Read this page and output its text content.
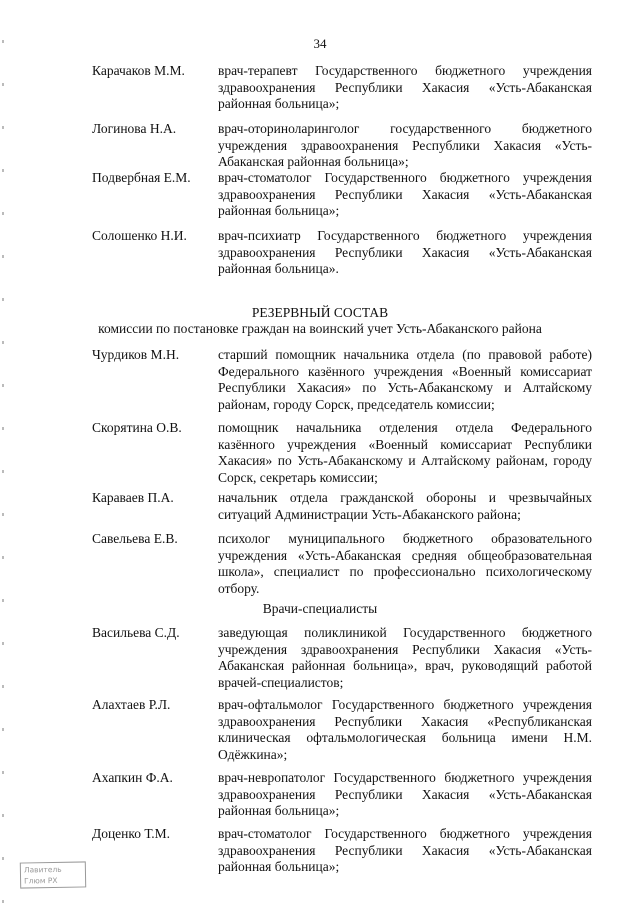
34
Карачаков М.М.	врач-терапевт Государственного бюджетного учреждения здравоохранения Республики Хакасия «Усть-Абаканская районная больница»;
Логинова Н.А.	врач-оториноларинголог государственного бюджетного учреждения здравоохранения Республики Хакасия «Усть-Абаканская районная больница»;
Подвербная Е.М.	врач-стоматолог Государственного бюджетного учреждения здравоохранения Республики Хакасия «Усть-Абаканская районная больница»;
Солошенко Н.И.	врач-психиатр Государственного бюджетного учреждения здравоохранения Республики Хакасия «Усть-Абаканская районная больница».
РЕЗЕРВНЫЙ СОСТАВ
комиссии по постановке граждан на воинский учет Усть-Абаканского района
Чурдиков М.Н.	старший помощник начальника отдела (по правовой работе) Федерального казённого учреждения «Военный комиссариат Республики Хакасия» по Усть-Абаканскому и Алтайскому районам, городу Сорск, председатель комиссии;
Скорятина О.В.	помощник начальника отделения отдела Федерального казённого учреждения «Военный комиссариат Республики Хакасия» по Усть-Абаканскому и Алтайскому районам, городу Сорск, секретарь комиссии;
Караваев П.А.	начальник отдела гражданской обороны и чрезвычайных ситуаций Администрации Усть-Абаканского района;
Савельева Е.В.	психолог муниципального бюджетного образовательного учреждения «Усть-Абаканская средняя общеобразовательная школа», специалист по профессионально психологическому отбору.
Врачи-специалисты
Васильева С.Д.	заведующая поликлиникой Государственного бюджетного учреждения здравоохранения Республики Хакасия «Усть-Абаканская районная больница», врач, руководящий работой врачей-специалистов;
Алахтаев Р.Л.	врач-офтальмолог Государственного бюджетного учреждения здравоохранения Республики Хакасия «Республиканская клиническая офтальмологическая больница имени Н.М. Одёжкина»;
Ахапкин Ф.А.	врач-невропатолог Государственного бюджетного учреждения здравоохранения Республики Хакасия «Усть-Абаканская районная больница»;
Доценко Т.М.	врач-стоматолог Государственного бюджетного учреждения здравоохранения Республики Хакасия «Усть-Абаканская районная больница»;
Лавитель Глюм РХ
